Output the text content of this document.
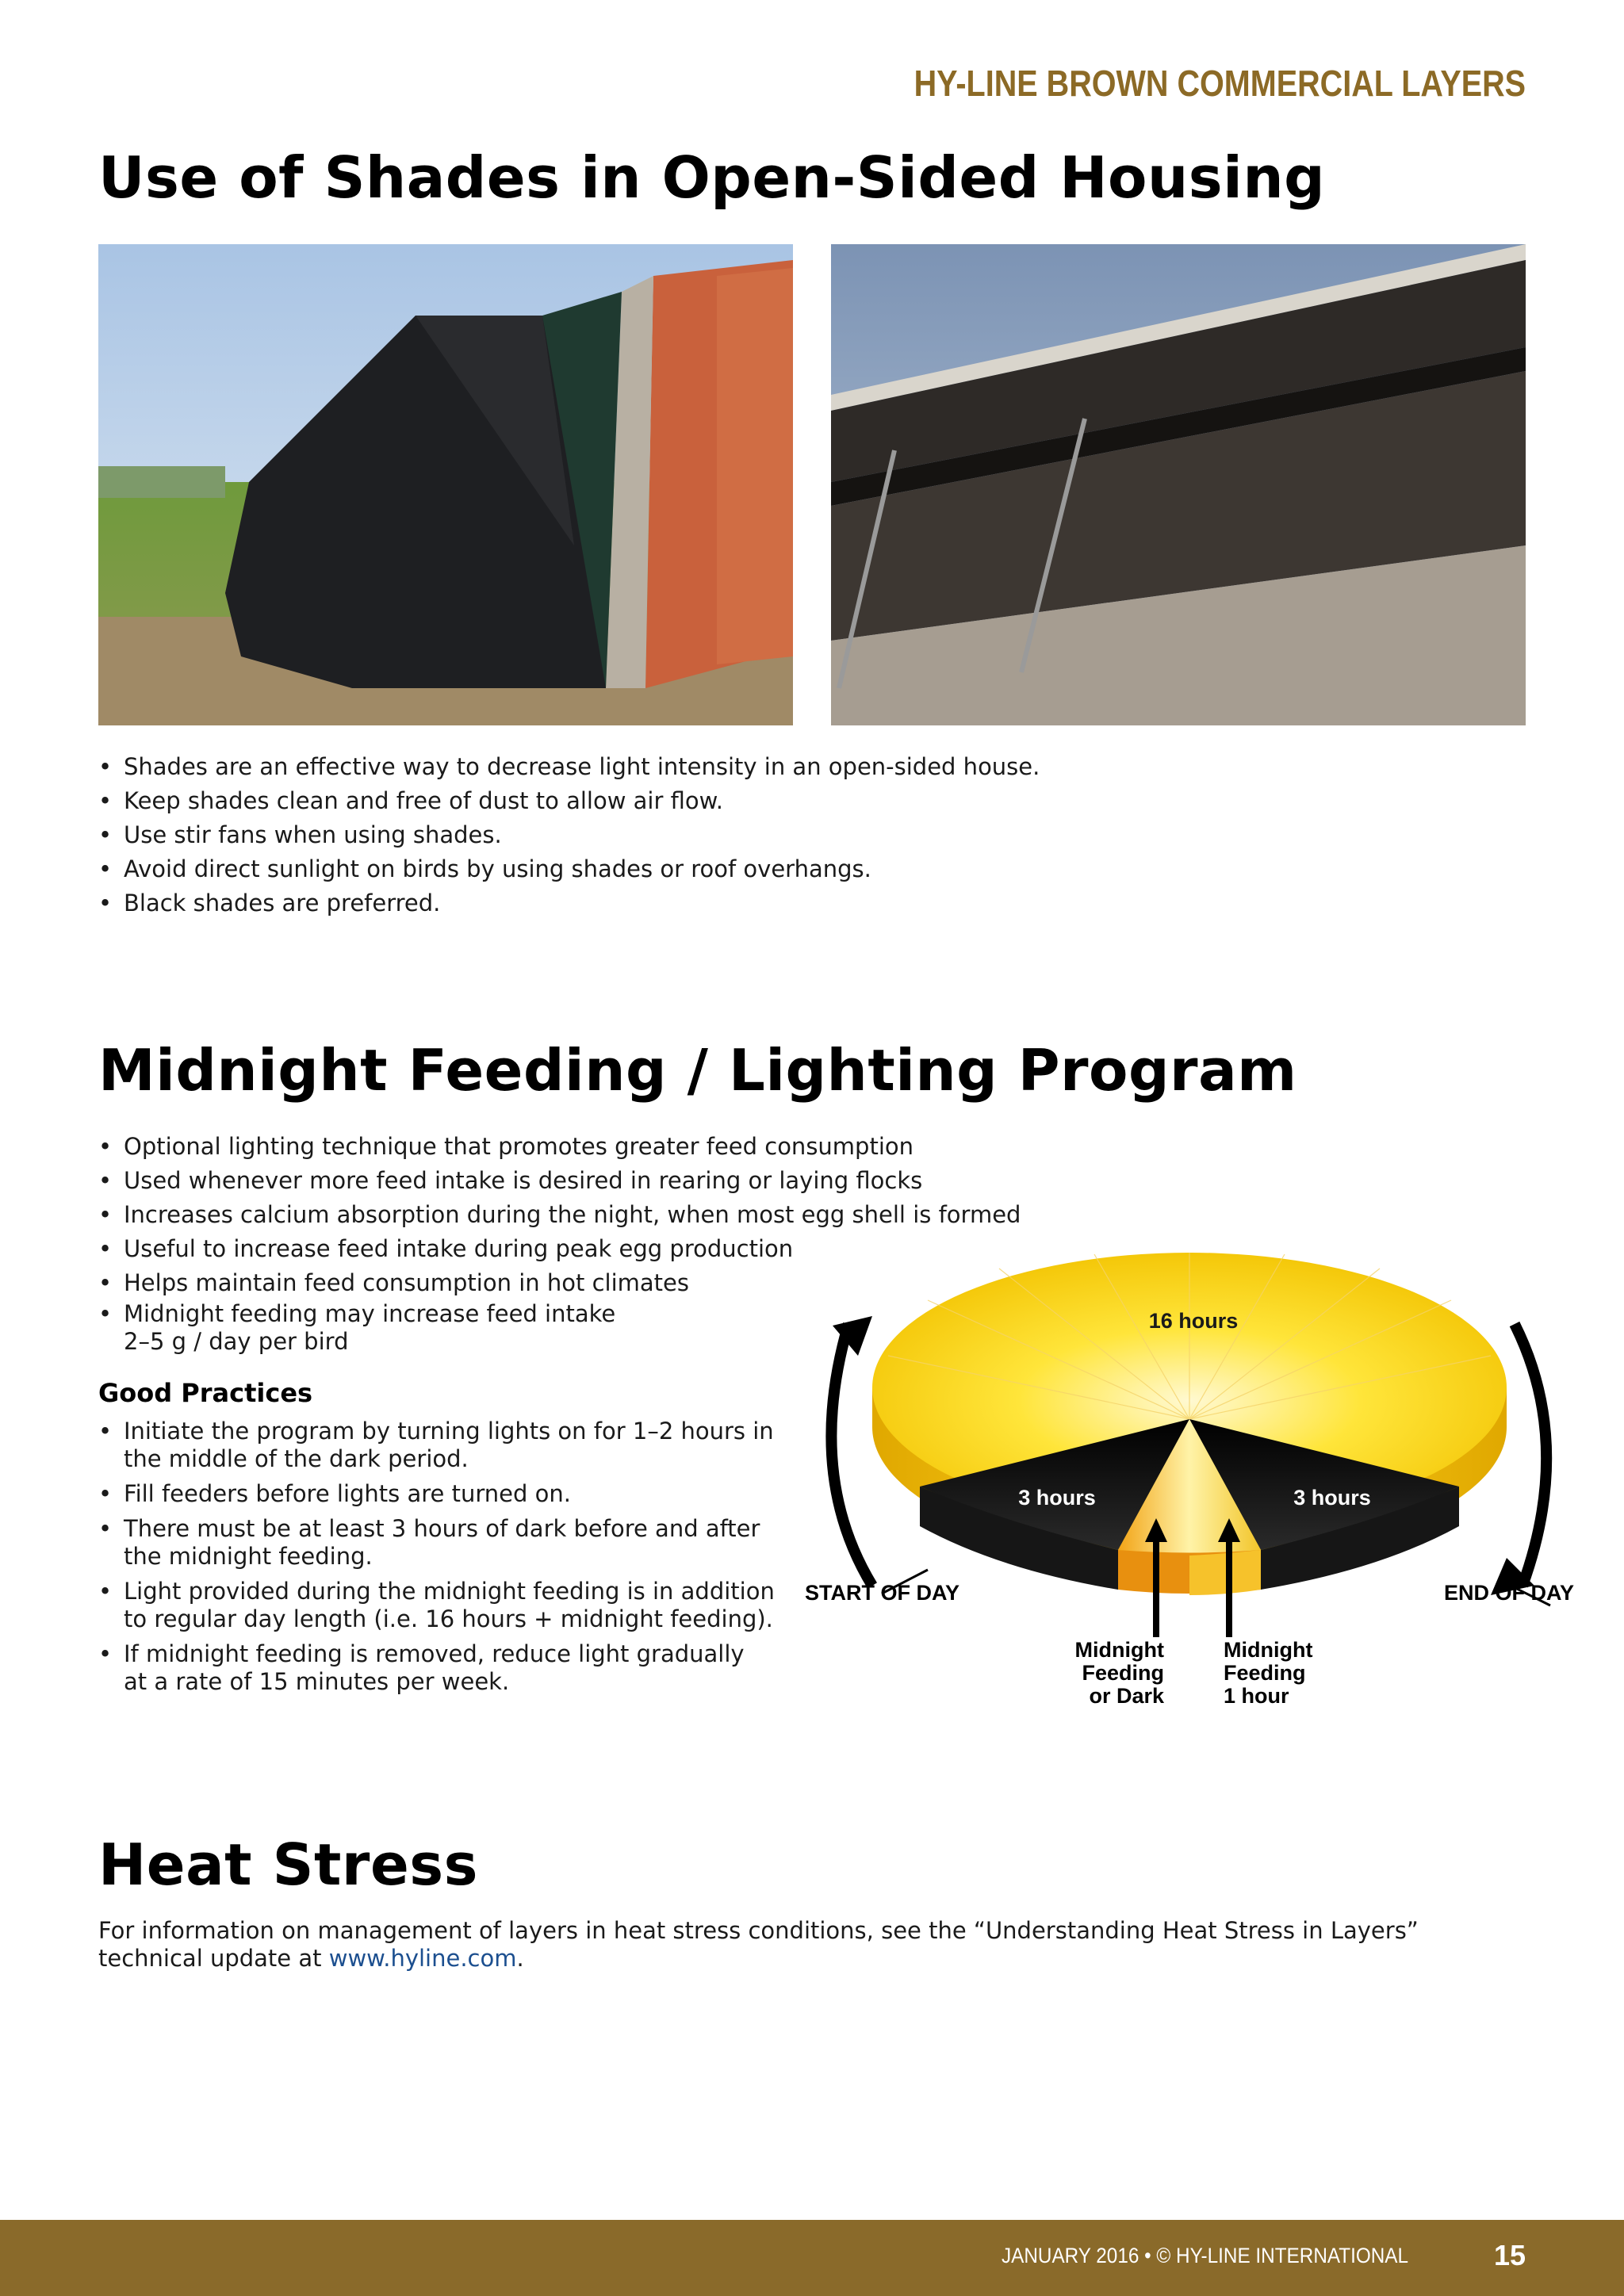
HY-LINE BROWN COMMERCIAL LAYERS
Use of Shades in Open-Sided Housing
• Shades are an effective way to decrease light intensity in an open-sided house.
• Keep shades clean and free of dust to allow air flow.
• Use stir fans when using shades.
• Avoid direct sunlight on birds by using shades or roof overhangs.
• Black shades are preferred.
Midnight Feeding / Lighting Program
• Optional lighting technique that promotes greater feed consumption
• Used whenever more feed intake is desired in rearing or laying flocks
• Increases calcium absorption during the night, when most egg shell is formed
• Useful to increase feed intake during peak egg production
• Helps maintain feed consumption in hot climates
• Midnight feeding may increase feed intake
2–5 g / day per bird
Good Practices
• Initiate the program by turning lights on for 1–2 hours in
the middle of the dark period.
• Fill feeders before lights are turned on.
• There must be at least 3 hours of dark before and after
the midnight feeding.
• Light provided during the midnight feeding is in addition
to regular day length (i.e. 16 hours + midnight feeding).
• If midnight feeding is removed, reduce light gradually
at a rate of 15 minutes per week.
16 hours
3 hours	3 hours
START OF DAY	END OF DAY
Midnight
Feeding
or Dark
Midnight
Feeding
1 hour
Heat Stress

For information on management of layers in heat stress conditions, see the “Understanding Heat Stress in Layers” technical update at www.hyline.com.

JANUARY 2016 • © HY-LINE INTERNATIONAL	15
